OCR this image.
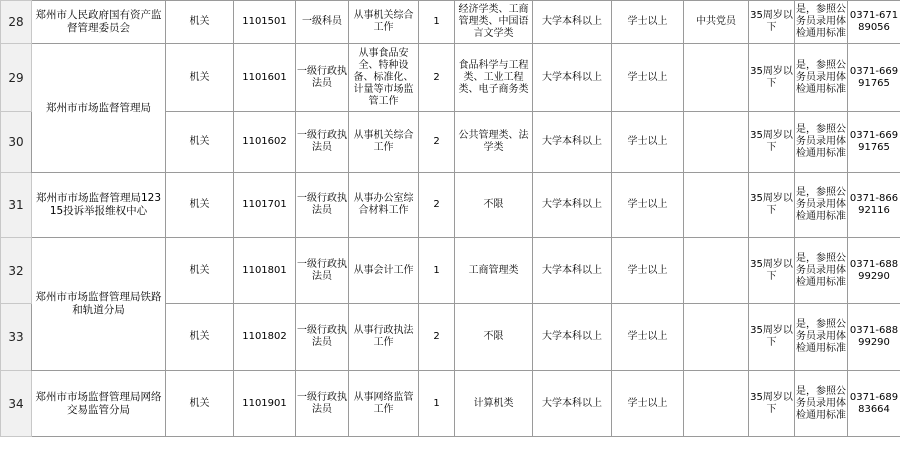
28	郑州市人民政府国有资产监督管理委员会	机关	1101501	一级科员	从事机关综合工作	1	经济学类、工商管理类、中国语言文学类	大学本科以上	学士以上	中共党员	35周岁以下	是，参照公务员录用体检通用标准	0371-67189056
29	郑州市市场监督管理局	机关	1101601	一级行政执法员	从事食品安全、特种设备、标准化、计量等市场监管工作	2	食品科学与工程类、工业工程类、电子商务类	大学本科以上	学士以上		35周岁以下	是，参照公务员录用体检通用标准	0371-66991765
30		机关	1101602	一级行政执法员	从事机关综合工作	2	公共管理类、法学类	大学本科以上	学士以上		35周岁以下	是，参照公务员录用体检通用标准	0371-66991765
31	郑州市市场监督管理局12315投诉举报维权中心	机关	1101701	一级行政执法员	从事办公室综合材料工作	2	不限	大学本科以上	学士以上		35周岁以下	是，参照公务员录用体检通用标准	0371-86692116
32	郑州市市场监督管理局铁路和轨道分局	机关	1101801	一级行政执法员	从事会计工作	1	工商管理类	大学本科以上	学士以上		35周岁以下	是，参照公务员录用体检通用标准	0371-68899290
33		机关	1101802	一级行政执法员	从事行政执法工作	2	不限	大学本科以上	学士以上		35周岁以下	是，参照公务员录用体检通用标准	0371-68899290
34	郑州市市场监督管理局网络交易监管分局	机关	1101901	一级行政执法员	从事网络监管工作	1	计算机类	大学本科以上	学士以上		35周岁以下	是，参照公务员录用体检通用标准	0371-68983664
